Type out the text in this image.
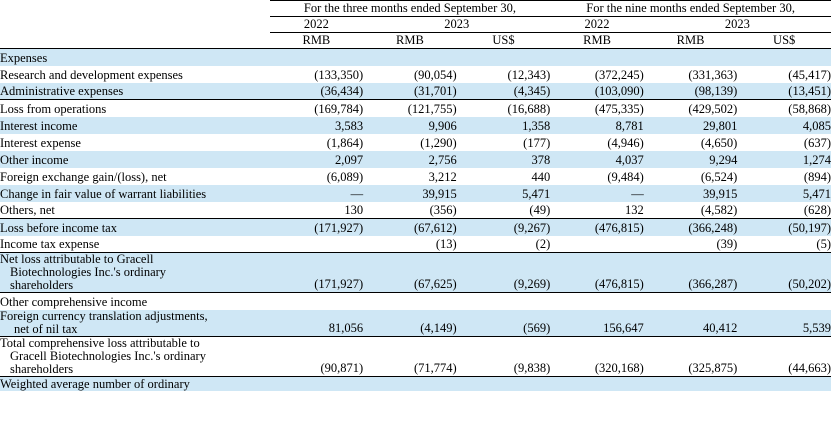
	For the three months ended September 30,			For the nine months ended September 30,		
	2022	2023		2022	2023	
	RMB	RMB	US$	RMB	RMB	US$
Expenses						
Research and development expenses	(133,350)	(90,054)	(12,343)	(372,245)	(331,363)	(45,417)
Administrative expenses	(36,434)	(31,701)	(4,345)	(103,090)	(98,139)	(13,451)
Loss from operations	(169,784)	(121,755)	(16,688)	(475,335)	(429,502)	(58,868)
Interest income	3,583	9,906	1,358	8,781	29,801	4,085
Interest expense	(1,864)	(1,290)	(177)	(4,946)	(4,650)	(637)
Other income	2,097	2,756	378	4,037	9,294	1,274
Foreign exchange gain/(loss), net	(6,089)	3,212	440	(9,484)	(6,524)	(894)
Change in fair value of warrant liabilities	—	39,915	5,471	—	39,915	5,471
Others, net	130	(356)	(49)	132	(4,582)	(628)
Loss before income tax	(171,927)	(67,612)	(9,267)	(476,815)	(366,248)	(50,197)
Income tax expense		(13)	(2)		(39)	(5)

Net loss attributable to Gracell
Biotechnologies Inc.'s ordinary
shareholders	(171,927)	(67,625)	(9,269)	(476,815)	(366,287)	(50,202)
Other comprehensive income						

Foreign currency translation adjustments,
net of nil tax	81,056	(4,149)	(569)	156,647	40,412	5,539

Total comprehensive loss attributable to
Gracell Biotechnologies Inc.'s ordinary
shareholders	(90,871)	(71,774)	(9,838)	(320,168)	(325,875)	(44,663)
Weighted average number of ordinary						
